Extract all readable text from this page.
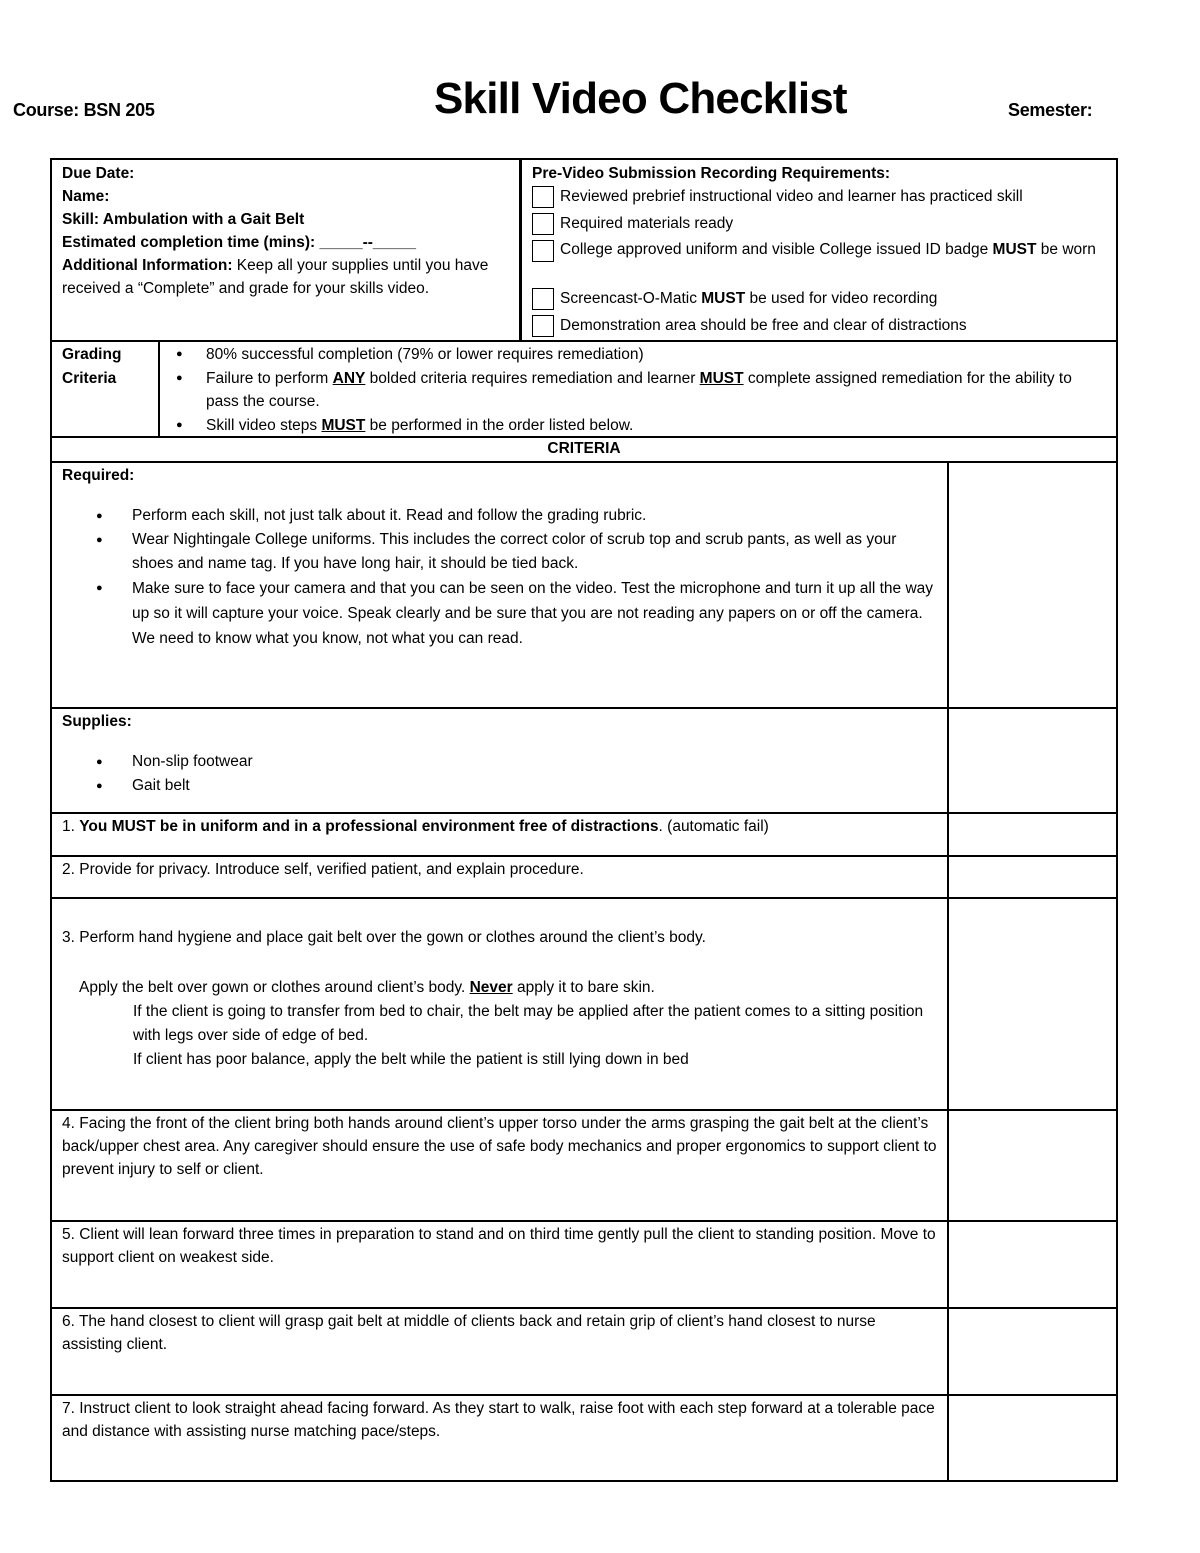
Course: BSN 205	Skill Video Checklist	Semester:
Due Date:
Name:
Skill: Ambulation with a Gait Belt
Estimated completion time (mins): _____--_____
Additional Information: Keep all your supplies until you have received a “Complete” and grade for your skills video.
Pre-Video Submission Recording Requirements:
Reviewed prebrief instructional video and learner has practiced skill
Required materials ready
College approved uniform and visible College issued ID badge MUST be worn
Screencast-O-Matic MUST be used for video recording
Demonstration area should be free and clear of distractions
Grading Criteria
● 80% successful completion (79% or lower requires remediation)
● Failure to perform ANY bolded criteria requires remediation and learner MUST complete assigned remediation for the ability to pass the course.
● Skill video steps MUST be performed in the order listed below.
CRITERIA
Required:
● Perform each skill, not just talk about it. Read and follow the grading rubric.
● Wear Nightingale College uniforms. This includes the correct color of scrub top and scrub pants, as well as your shoes and name tag. If you have long hair, it should be tied back.
● Make sure to face your camera and that you can be seen on the video. Test the microphone and turn it up all the way up so it will capture your voice. Speak clearly and be sure that you are not reading any papers on or off the camera. We need to know what you know, not what you can read.
Supplies:
● Non-slip footwear
● Gait belt
1. You MUST be in uniform and in a professional environment free of distractions. (automatic fail)
2. Provide for privacy. Introduce self, verified patient, and explain procedure.
3. Perform hand hygiene and place gait belt over the gown or clothes around the client’s body.
Apply the belt over gown or clothes around client’s body. Never apply it to bare skin.
If the client is going to transfer from bed to chair, the belt may be applied after the patient comes to a sitting position with legs over side of edge of bed.
If client has poor balance, apply the belt while the patient is still lying down in bed
4. Facing the front of the client bring both hands around client’s upper torso under the arms grasping the gait belt at the client’s back/upper chest area. Any caregiver should ensure the use of safe body mechanics and proper ergonomics to support client to prevent injury to self or client.
5. Client will lean forward three times in preparation to stand and on third time gently pull the client to standing position. Move to support client on weakest side.
6. The hand closest to client will grasp gait belt at middle of clients back and retain grip of client’s hand closest to nurse assisting client.
7. Instruct client to look straight ahead facing forward. As they start to walk, raise foot with each step forward at a tolerable pace and distance with assisting nurse matching pace/steps.
